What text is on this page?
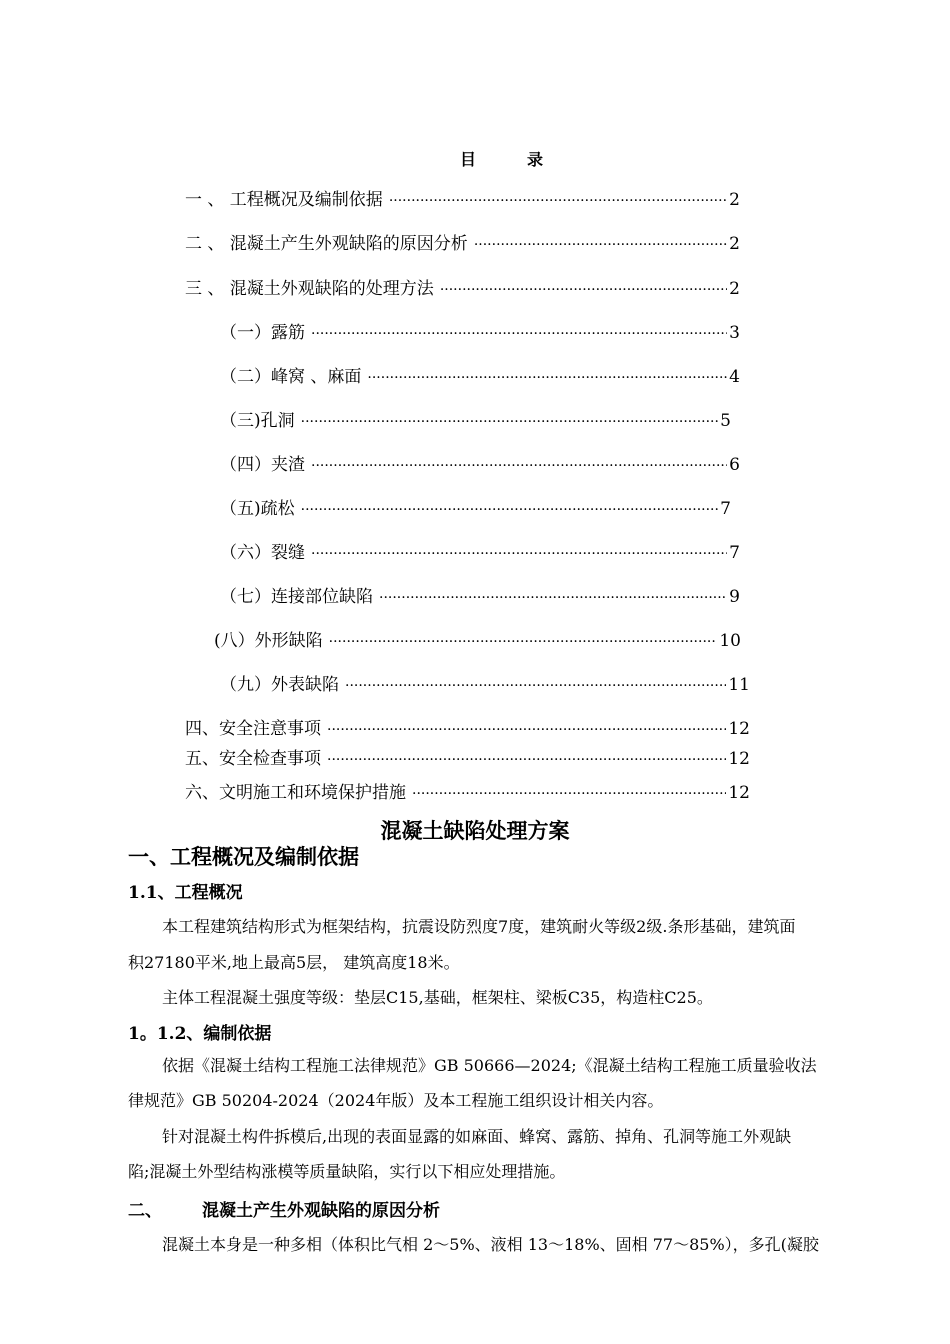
目	录
一 、 工程概况及编制依据 ·····	2
二 、 混凝土产生外观缺陷的原因分析 ·····	2
三 、 混凝土外观缺陷的处理方法 ·····	2
（一）露筋 ·····	3
（二）峰窝 、麻面 ·····	4
（三)孔洞 ·····	5
（四）夹渣 ·····	6
（五)疏松 ·····	7
（六）裂缝 ·····	7
（七）连接部位缺陷 ·····	9
(八）外形缺陷 ·····	10
（九）外表缺陷 ·····	11
四、安全注意事项 ·····	12
五、安全检查事项 ·····	12
六、文明施工和环境保护措施 ·····	12
混凝土缺陷处理方案
一、工程概况及编制依据
1.1、工程概况
本工程建筑结构形式为框架结构，抗震设防烈度7度，建筑耐火等级2级.条形基础，建筑面
积27180平米,地上最高5层， 建筑高度18米。
主体工程混凝土强度等级：垫层C15,基础，框架柱、梁板C35，构造柱C25。
1。1.2、编制依据
依据《混凝土结构工程施工法律规范》GB 50666—2024;《混凝土结构工程施工质量验收法
律规范》GB 50204-2024（2024年版）及本工程施工组织设计相关内容。
针对混凝土构件拆模后,出现的表面显露的如麻面、蜂窝、露筋、掉角、孔洞等施工外观缺
陷;混凝土外型结构涨模等质量缺陷，实行以下相应处理措施。
二、 混凝土产生外观缺陷的原因分析
混凝土本身是一种多相（体积比气相 2～5%、液相 13～18%、固相 77～85%），多孔(凝胶
